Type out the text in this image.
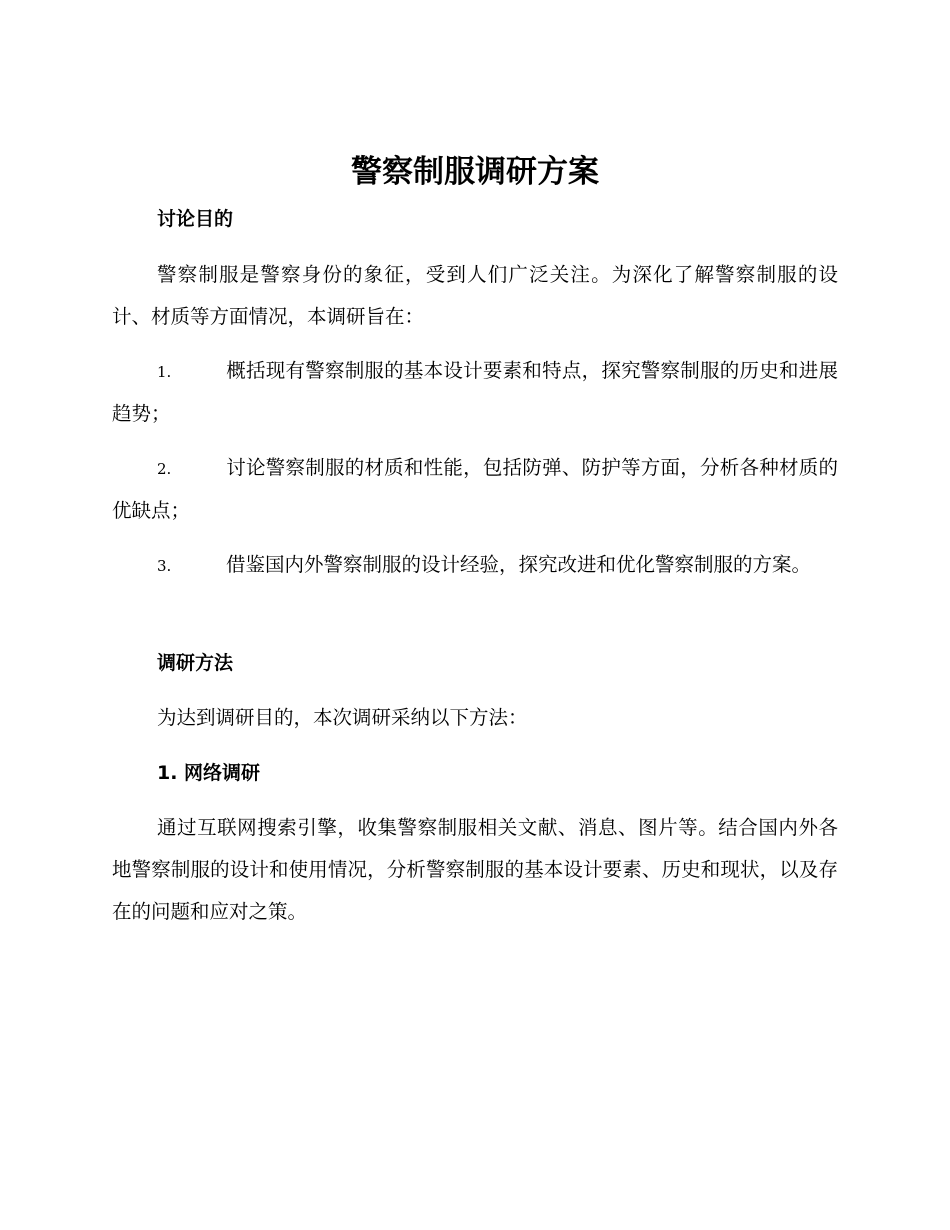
警察制服调研方案
讨论目的

警察制服是警察身份的象征，受到人们广泛关注。为深化了解警察制服的设计、材质等方面情况，本调研旨在：

1.	概括现有警察制服的基本设计要素和特点，探究警察制服的历史和进展趋势；

2.	讨论警察制服的材质和性能，包括防弹、防护等方面，分析各种材质的优缺点；

3.	借鉴国内外警察制服的设计经验，探究改进和优化警察制服的方案。

调研方法

为达到调研目的，本次调研采纳以下方法：

1. 网络调研

通过互联网搜索引擎，收集警察制服相关文献、消息、图片等。结合国内外各地警察制服的设计和使用情况，分析警察制服的基本设计要素、历史和现状，以及存在的问题和应对之策。
